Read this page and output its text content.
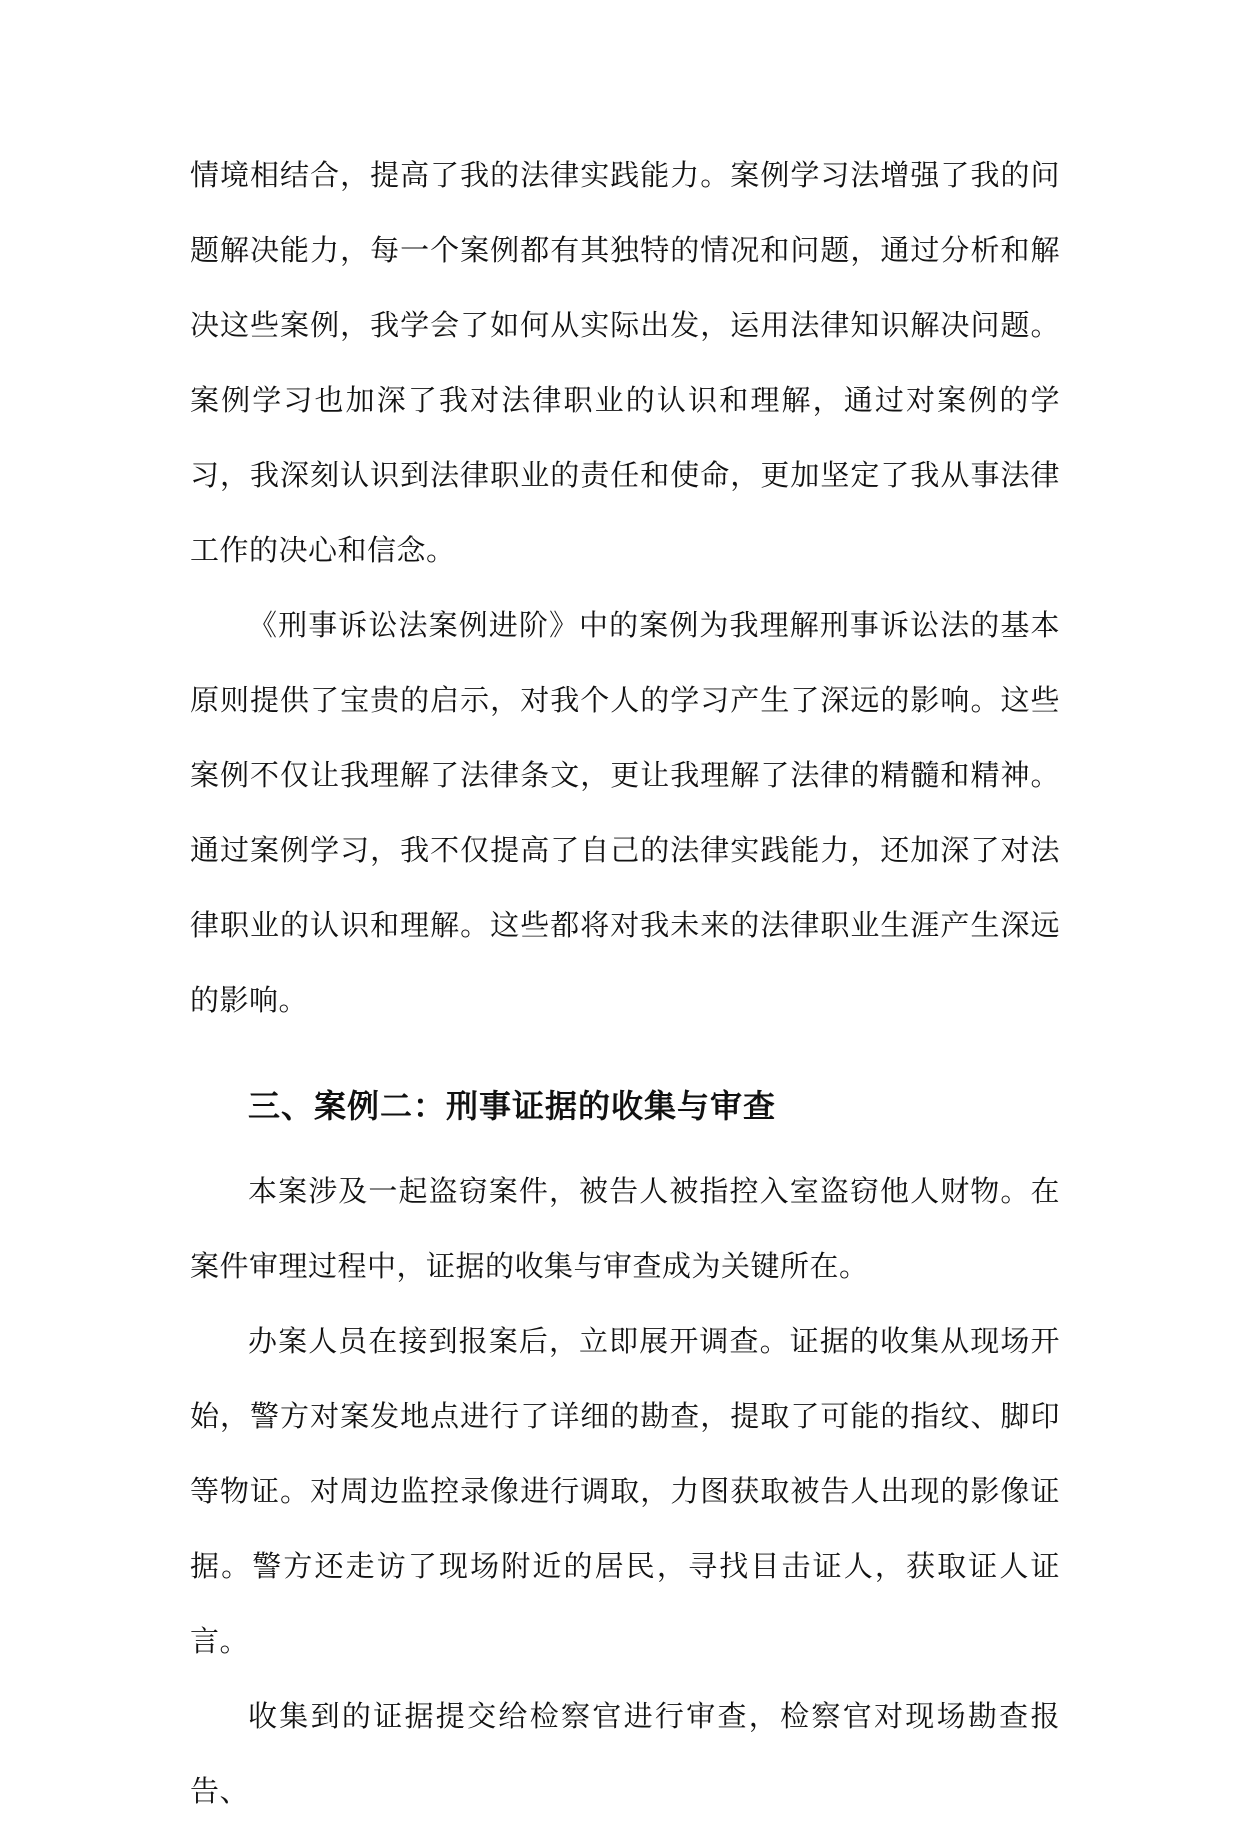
情境相结合，提高了我的法律实践能力。案例学习法增强了我的问题解决能力，每一个案例都有其独特的情况和问题，通过分析和解决这些案例，我学会了如何从实际出发，运用法律知识解决问题。案例学习也加深了我对法律职业的认识和理解，通过对案例的学习，我深刻认识到法律职业的责任和使命，更加坚定了我从事法律工作的决心和信念。

《刑事诉讼法案例进阶》中的案例为我理解刑事诉讼法的基本原则提供了宝贵的启示，对我个人的学习产生了深远的影响。这些案例不仅让我理解了法律条文，更让我理解了法律的精髓和精神。通过案例学习，我不仅提高了自己的法律实践能力，还加深了对法律职业的认识和理解。这些都将对我未来的法律职业生涯产生深远的影响。

三、案例二：刑事证据的收集与审查

本案涉及一起盗窃案件，被告人被指控入室盗窃他人财物。在案件审理过程中，证据的收集与审查成为关键所在。

办案人员在接到报案后，立即展开调查。证据的收集从现场开始，警方对案发地点进行了详细的勘查，提取了可能的指纹、脚印等物证。对周边监控录像进行调取，力图获取被告人出现的影像证据。警方还走访了现场附近的居民，寻找目击证人，获取证人证言。

收集到的证据提交给检察官进行审查，检察官对现场勘查报告、
